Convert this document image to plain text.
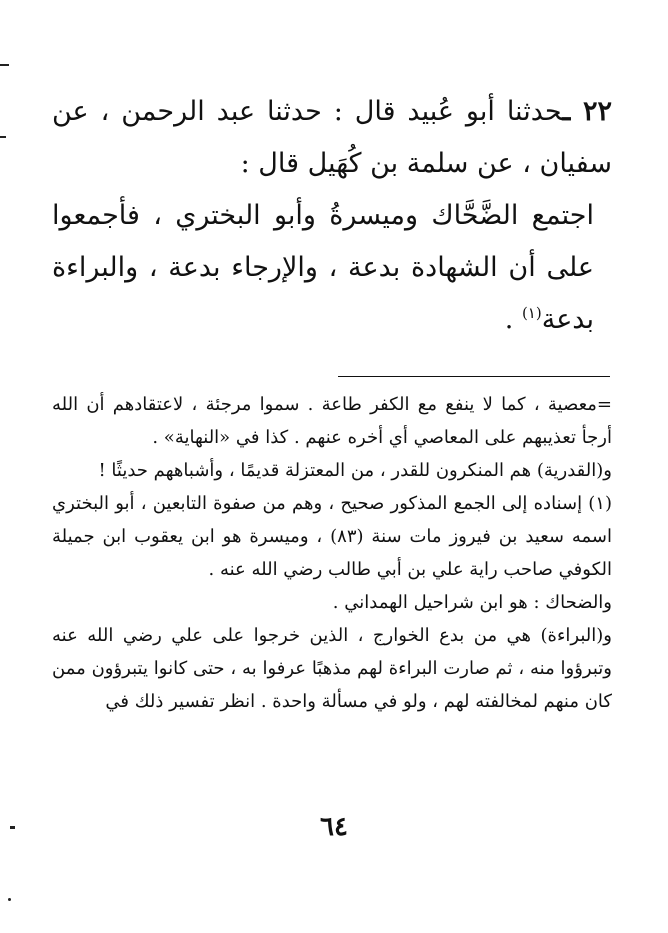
٢٢ ـحدثنا أبو عُبيد قال : حدثنا عبد الرحمن ، عن سفيان ، عن سلمة بن كُهَيل قال :

اجتمع الضَّحَّاك وميسرةُ وأبو البختري ، فأجمعوا على أن الشهادة بدعة ، والإرجاء بدعة ، والبراءة بدعة$^{(١)}$ .

=معصية ، كما لا ينفع مع الكفر طاعة . سموا مرجئة ، لاعتقادهم أن الله أرجأ تعذيبهم على المعاصي أي أخره عنهم . كذا في «النهاية» .

و(القدرية) هم المنكرون للقدر ، من المعتزلة قديمًا ، وأشباههم حديثًا !

(١) إسناده إلى الجمع المذكور صحيح ، وهم من صفوة التابعين ، أبو البختري اسمه سعيد بن فيروز مات سنة (٨٣) ، وميسرة هو ابن يعقوب ابن جميلة الكوفي صاحب راية علي بن أبي طالب رضي الله عنه .

والضحاك : هو ابن شراحيل الهمداني .

و(البراءة) هي من بدع الخوارج ، الذين خرجوا على علي رضي الله عنه وتبرؤوا منه ، ثم صارت البراءة لهم مذهبًا عرفوا به ، حتى كانوا يتبرؤون ممن كان منهم لمخالفته لهم ، ولو في مسألة واحدة . انظر تفسير ذلك في

٦٤
